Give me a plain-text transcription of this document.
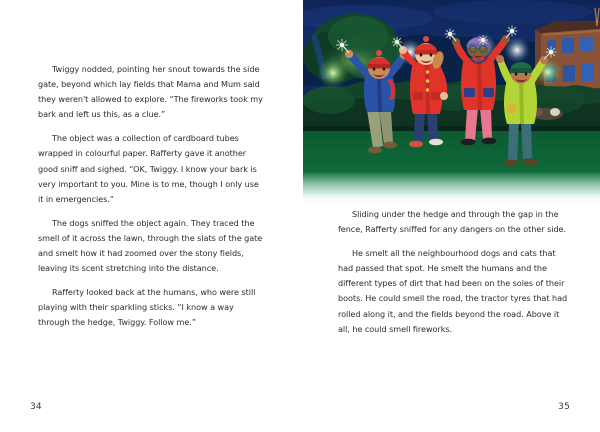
Twiggy nodded, pointing her snout towards the side gate, beyond which lay fields that Mama and Mum said they weren't allowed to explore. “The fireworks took my bark and left us this, as a clue.”

The object was a collection of cardboard tubes wrapped in colourful paper. Rafferty gave it another good sniff and sighed. “OK, Twiggy. I know your bark is very important to you. Mine is to me, though I only use it in emergencies.”

The dogs sniffed the object again. They traced the smell of it across the lawn, through the slats of the gate and smelt how it had zoomed over the stony fields, leaving its scent stretching into the distance.

Rafferty looked back at the humans, who were still playing with their sparkling sticks. “I know a way through the hedge, Twiggy. Follow me.”

34

Sliding under the hedge and through the gap in the fence, Rafferty sniffed for any dangers on the other side.

He smelt all the neighbourhood dogs and cats that had passed that spot. He smelt the humans and the different types of dirt that had been on the soles of their boots. He could smell the road, the tractor tyres that had rolled along it, and the fields beyond the road. Above it all, he could smell fireworks.

35
